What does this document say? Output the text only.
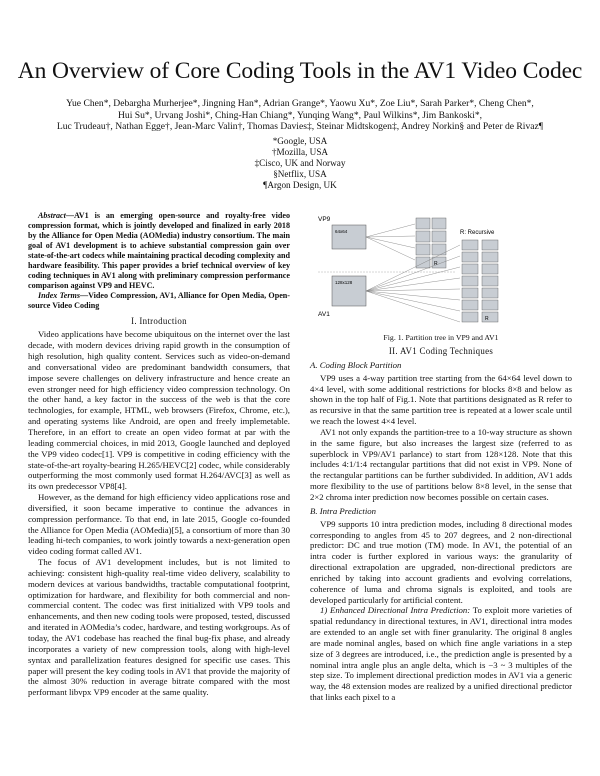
An Overview of Core Coding Tools in the AV1 Video Codec
Yue Chen*, Debargha Murherjee*, Jingning Han*, Adrian Grange*, Yaowu Xu*, Zoe Liu*, Sarah Parker*, Cheng Chen*,
Hui Su*, Urvang Joshi*, Ching-Han Chiang*, Yunqing Wang*, Paul Wilkins*, Jim Bankoski*,
Luc Trudeau†, Nathan Egge†, Jean-Marc Valin†, Thomas Davies‡, Steinar Midtskogen‡, Andrey Norkin§ and Peter de Rivaz¶
*Google, USA
†Mozilla, USA
‡Cisco, UK and Norway
§Netflix, USA
¶Argon Design, UK

Abstract—AV1 is an emerging open-source and royalty-free video compression format, which is jointly developed and finalized in early 2018 by the Alliance for Open Media (AOMedia) industry consortium. The main goal of AV1 development is to achieve substantial compression gain over state-of-the-art codecs while maintaining practical decoding complexity and hardware feasibility. This paper provides a brief technical overview of key coding techniques in AV1 along with preliminary compression performance comparison against VP9 and HEVC.

Index Terms—Video Compression, AV1, Alliance for Open Media, Open-source Video Coding

I. Introduction

Video applications have become ubiquitous on the internet over the last decade, with modern devices driving rapid growth in the consumption of high resolution, high quality content. Services such as video-on-demand and conversational video are predominant bandwidth consumers, that impose severe challenges on delivery infrastructure and hence create an even stronger need for high efficiency video compression technology. On the other hand, a key factor in the success of the web is that the core technologies, for example, HTML, web browsers (Firefox, Chrome, etc.), and operating systems like Android, are open and freely implemetable. Therefore, in an effort to create an open video format at par with the leading commercial choices, in mid 2013, Google launched and deployed the VP9 video codec[1]. VP9 is competitive in coding efficiency with the state-of-the-art royalty-bearing H.265/HEVC[2] codec, while considerably outperforming the most commonly used format H.264/AVC[3] as well as its own predecessor VP8[4].

However, as the demand for high efficiency video applications rose and diversified, it soon became imperative to continue the advances in compression performance. To that end, in late 2015, Google co-founded the Alliance for Open Media (AOMedia)[5], a consortium of more than 30 leading hi-tech companies, to work jointly towards a next-generation open video coding format called AV1.

The focus of AV1 development includes, but is not limited to achieving: consistent high-quality real-time video delivery, scalability to modern devices at various bandwidths, tractable computational footprint, optimization for hardware, and flexibility for both commercial and non-commercial content. The codec was first initialized with VP9 tools and enhancements, and then new coding tools were proposed, tested, discussed and iterated in AOMedia’s codec, hardware, and testing workgroups. As of today, the AV1 codebase has reached the final bug-fix phase, and already incorporates a variety of new compression tools, along with high-level syntax and parallelization features designed for specific use cases. This paper will present the key coding tools in AV1 that provide the majority of the almost 30% reduction in average bitrate compared with the most performant libvpx VP9 encoder at the same quality.

VP9
R: Recursive
64x64
R
128x128
AV1
R
Fig. 1. Partition tree in VP9 and AV1
II. AV1 Coding Techniques
A. Coding Block Partition

VP9 uses a 4-way partition tree starting from the 64×64 level down to 4×4 level, with some additional restrictions for blocks 8×8 and below as shown in the top half of Fig.1. Note that partitions designated as R refer to as recursive in that the same partition tree is repeated at a lower scale until we reach the lowest 4×4 level.

AV1 not only expands the partition-tree to a 10-way structure as shown in the same figure, but also increases the largest size (referred to as superblock in VP9/AV1 parlance) to start from 128×128. Note that this includes 4:1/1:4 rectangular partitions that did not exist in VP9. None of the rectangular partitions can be further subdivided. In addition, AV1 adds more flexibility to the use of partitions below 8×8 level, in the sense that 2×2 chroma inter prediction now becomes possible on certain cases.

B. Intra Prediction

VP9 supports 10 intra prediction modes, including 8 directional modes corresponding to angles from 45 to 207 degrees, and 2 non-directional predictor: DC and true motion (TM) mode. In AV1, the potential of an intra coder is further explored in various ways: the granularity of directional extrapolation are upgraded, non-directional predictors are enriched by taking into account gradients and evolving correlations, coherence of luma and chroma signals is exploited, and tools are developed particularly for artificial content.

1) Enhanced Directional Intra Prediction: To exploit more varieties of spatial redundancy in directional textures, in AV1, directional intra modes are extended to an angle set with finer granularity. The original 8 angles are made nominal angles, based on which fine angle variations in a step size of 3 degrees are introduced, i.e., the prediction angle is presented by a nominal intra angle plus an angle delta, which is −3 ~ 3 multiples of the step size. To implement directional prediction modes in AV1 via a generic way, the 48 extension modes are realized by a unified directional predictor that links each pixel to a
